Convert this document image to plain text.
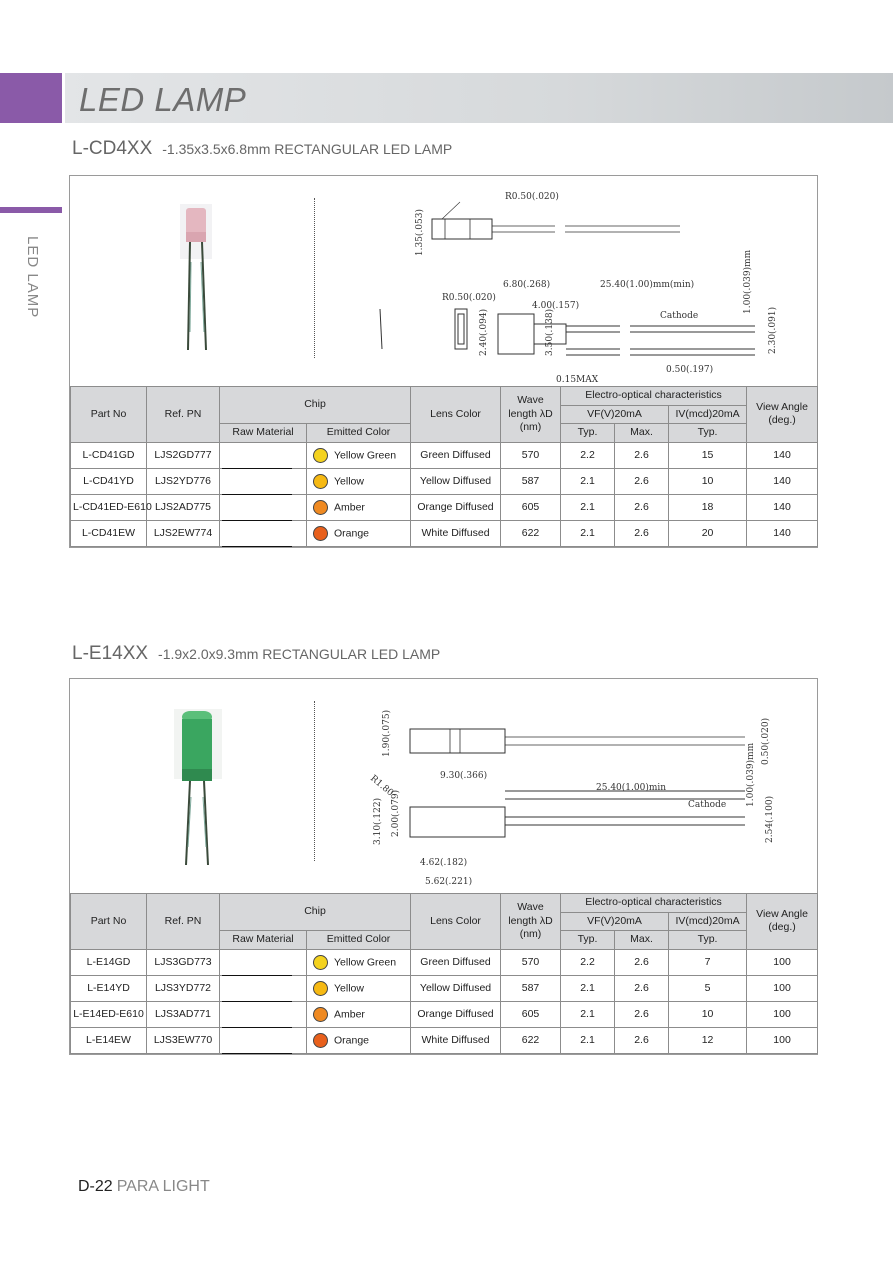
LED LAMP
LED LAMP
L-CD4XX -1.35x3.5x6.8mm RECTANGULAR LED LAMP
R0.50(.020)
1.35(.053)
6.80(.268)	25.40(1.00)mm(min)
R0.50(.020)
4.00(.157)
Cathode
2.40(.094)	3.50(.138)
1.00(.039)mm
2.30(.091)
0.50(.197)
0.15MAX
Part No	Ref. PN	Chip		Lens Color	Wave length λD (nm)	Electro-optical characteristics			View Angle (deg.)
						VF(V)20mA		IV(mcd)20mA	
		Raw Material	Emitted Color			Typ.	Max.	Typ.	
L-CD41GD	LJS2GD777		Yellow Green	Green Diffused	570	2.2	2.6	15	140
L-CD41YD	LJS2YD776		Yellow	Yellow Diffused	587	2.1	2.6	10	140
L-CD41ED-E610	LJS2AD775		Amber	Orange Diffused	605	2.1	2.6	18	140
L-CD41EW	LJS2EW774		Orange	White Diffused	622	2.1	2.6	20	140
L-E14XX -1.9x2.0x9.3mm RECTANGULAR LED LAMP
1.90(.075)
9.30(.366)
R1.80	25.40(1.00)min
Cathode
3.10(.122) 2.00(.079)
4.62(.182)
5.62(.221)
0.50(.020)
1.00(.039)mm
2.54(.100)
Part No	Ref. PN	Chip		Lens Color	Wave length λD (nm)	Electro-optical characteristics			View Angle (deg.)
						VF(V)20mA		IV(mcd)20mA	
		Raw Material	Emitted Color			Typ.	Max.	Typ.	
L-E14GD	LJS3GD773		Yellow Green	Green Diffused	570	2.2	2.6	7	100
L-E14YD	LJS3YD772		Yellow	Yellow Diffused	587	2.1	2.6	5	100
L-E14ED-E610	LJS3AD771		Amber	Orange Diffused	605	2.1	2.6	10	100
L-E14EW	LJS3EW770		Orange	White Diffused	622	2.1	2.6	12	100
D-22 PARA LIGHT
